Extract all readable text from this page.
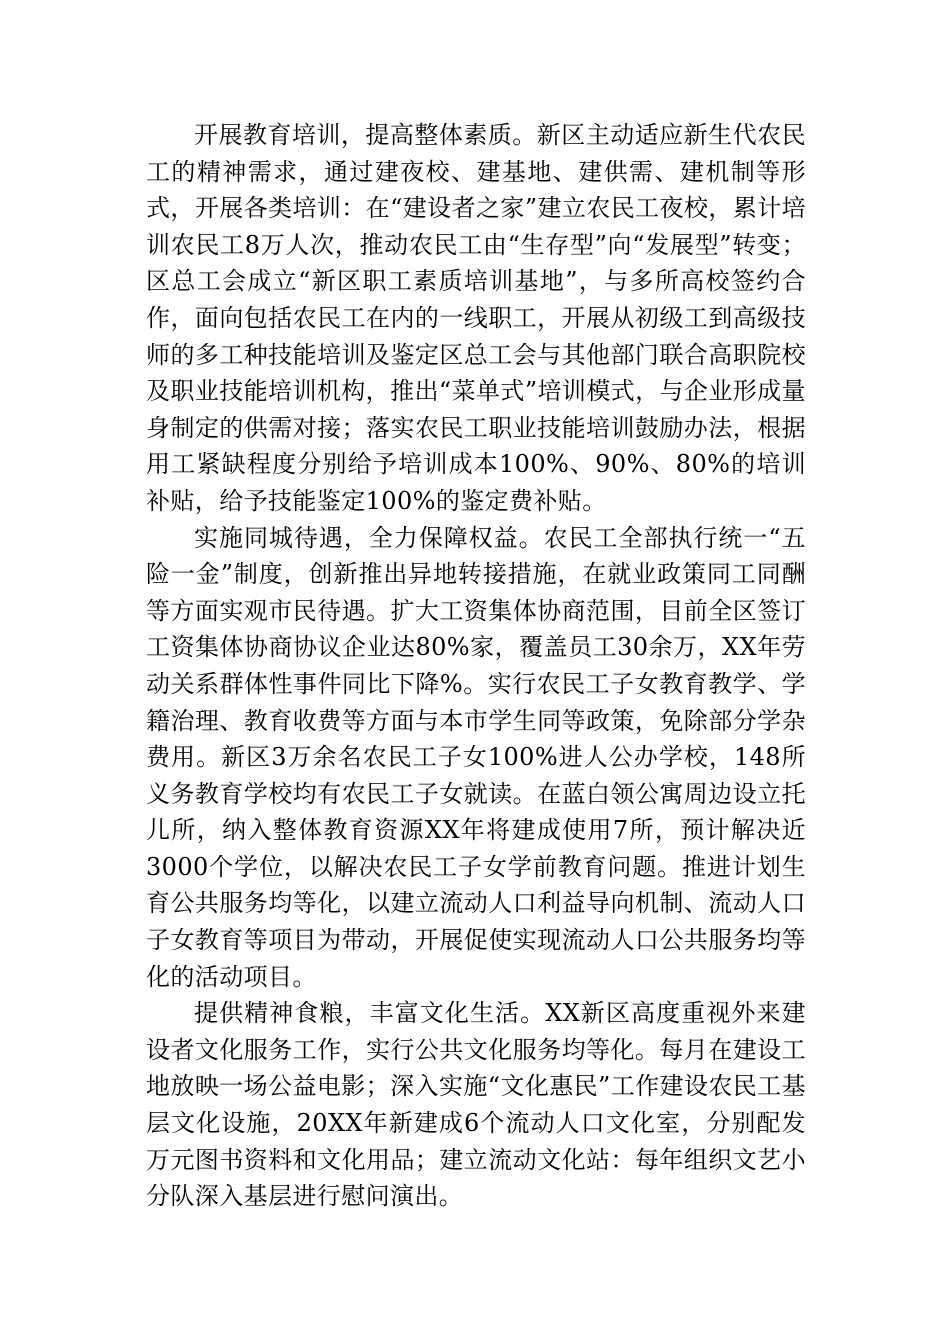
开展教育培训，提高整体素质。新区主动适应新生代农民工的精神需求，通过建夜校、建基地、建供需、建机制等形式，开展各类培训：在“建设者之家”建立农民工夜校，累计培训农民工8万人次，推动农民工由“生存型”向“发展型”转变；区总工会成立“新区职工素质培训基地”，与多所高校签约合作，面向包括农民工在内的一线职工，开展从初级工到高级技师的多工种技能培训及鉴定区总工会与其他部门联合高职院校及职业技能培训机构，推出“菜单式”培训模式，与企业形成量身制定的供需对接；落实农民工职业技能培训鼓励办法，根据用工紧缺程度分别给予培训成本100%、90%、80%的培训补贴，给予技能鉴定100%的鉴定费补贴。

实施同城待遇，全力保障权益。农民工全部执行统一“五险一金”制度，创新推出异地转接措施，在就业政策同工同酬等方面实观市民待遇。扩大工资集体协商范围，目前全区签订工资集体协商协议企业达80%家，覆盖员工30余万，XX年劳动关系群体性事件同比下降%。实行农民工子女教育教学、学籍治理、教育收费等方面与本市学生同等政策，免除部分学杂费用。新区3万余名农民工子女100%进人公办学校，148所义务教育学校均有农民工子女就读。在蓝白领公寓周边设立托儿所，纳入整体教育资源XX年将建成使用7所，预计解决近3000个学位，以解决农民工子女学前教育问题。推进计划生育公共服务均等化，以建立流动人口利益导向机制、流动人口子女教育等项目为带动，开展促使实现流动人口公共服务均等化的活动项目。

提供精神食粮，丰富文化生活。XX新区高度重视外来建设者文化服务工作，实行公共文化服务均等化。每月在建设工地放映一场公益电影；深入实施“文化惠民”工作建设农民工基层文化设施，20XX年新建成6个流动人口文化室，分别配发万元图书资料和文化用品；建立流动文化站：每年组织文艺小分队深入基层进行慰问演出。
